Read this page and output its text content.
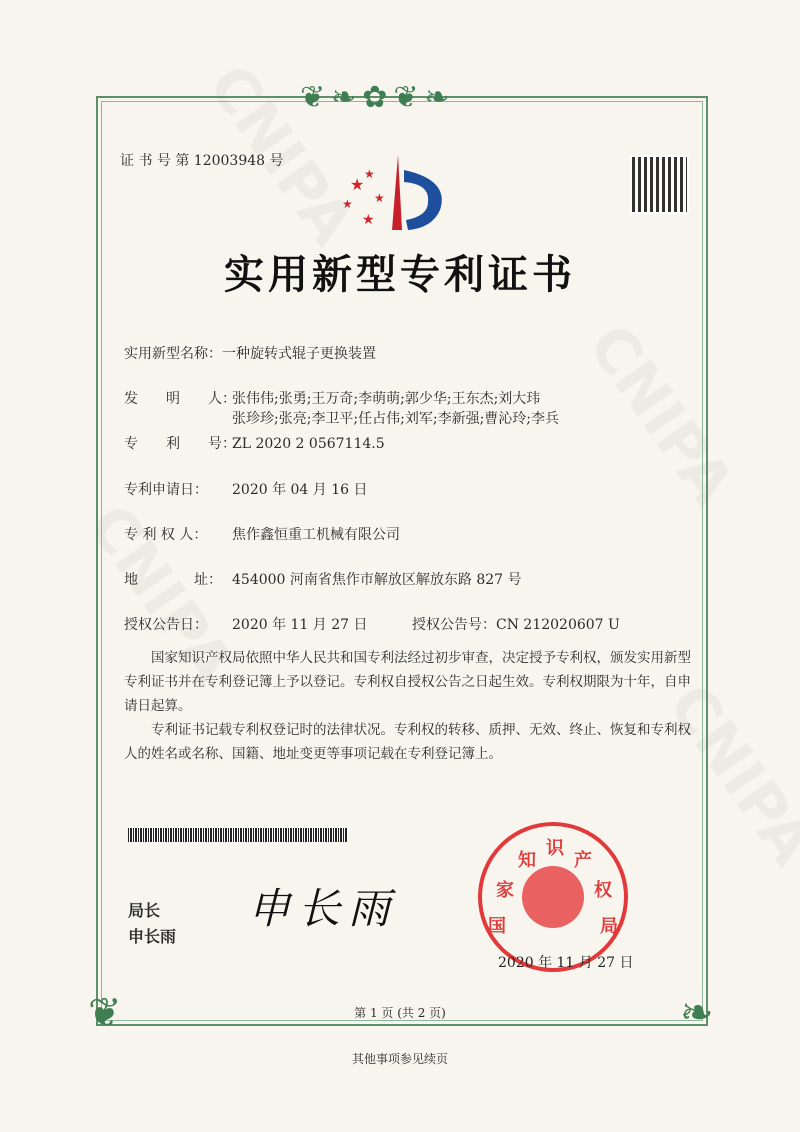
❦❧✿❦❧
❦	❧
证 书 号 第 12003948 号
★
★
★
★
★
实用新型专利证书
实用新型名称：一种旋转式辊子更换装置
发　　明　　人：张伟伟;张勇;王万奇;李萌萌;郭少华;王东杰;刘大玮
张珍珍;张亮;李卫平;任占伟;刘军;李新强;曹沁玲;李兵
专　　利　　号：ZL 2020 2 0567114.5
专利申请日： 2020 年 04 月 16 日
专 利 权 人： 焦作鑫恒重工机械有限公司
地　　　　址： 454000 河南省焦作市解放区解放东路 827 号
授权公告日： 2020 年 11 月 27 日	授权公告号：CN 212020607 U
国家知识产权局依照中华人民共和国专利法经过初步审查，决定授予专利权，颁发实用新型专利证书并在专利登记簿上予以登记。专利权自授权公告之日起生效。专利权期限为十年，自申请日起算。
专利证书记载专利权登记时的法律状况。专利权的转移、质押、无效、终止、恢复和专利权人的姓名或名称、国籍、地址变更等事项记载在专利登记簿上。
局长
申长雨
申长雨	国
家
知
识
产
权
局
2020 年 11 月 27 日
第 1 页 (共 2 页)
其他事项参见续页
